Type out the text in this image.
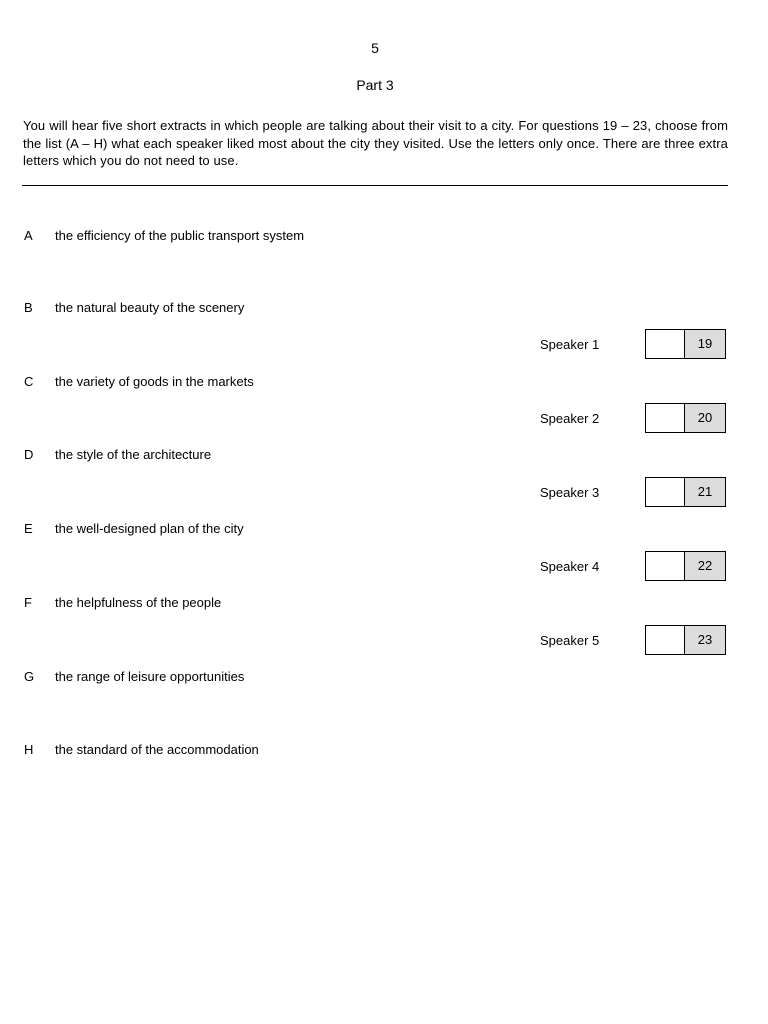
5
Part 3
You will hear five short extracts in which people are talking about their visit to a city. For questions 19 – 23, choose from the list (A – H) what each speaker liked most about the city they visited. Use the letters only once. There are three extra letters which you do not need to use.
A	the efficiency of the public transport system
B	the natural beauty of the scenery
C	the variety of goods in the markets
D	the style of the architecture
E	the well-designed plan of the city
F	the helpfulness of the people
G	the range of leisure opportunities
H	the standard of the accommodation
Speaker 1	19
Speaker 2	20
Speaker 3	21
Speaker 4	22
Speaker 5	23
